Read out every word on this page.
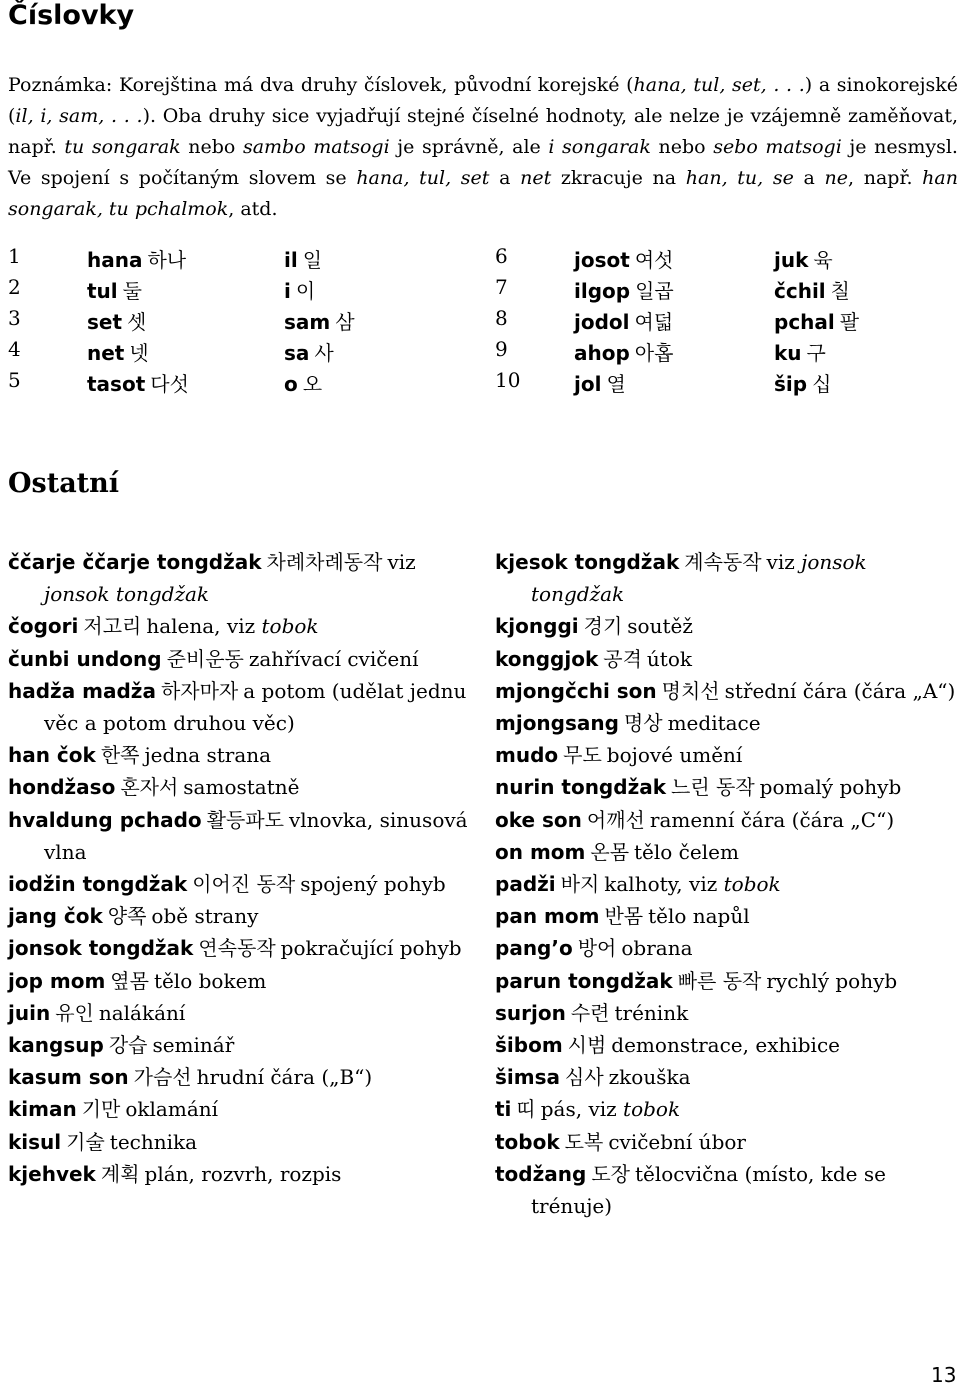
Číslovky
Poznámka: Korejština má dva druhy číslovek, původní korejské (hana, tul, set, . . .) a sinokorejské (il, i, sam, . . .). Oba druhy sice vyjadřují stejné číselné hodnoty, ale nelze je vzájemně zaměňovat, např. tu songarak nebo sambo matsogi je správně, ale i songarak nebo sebo matsogi je nesmysl. Ve spojení s počítaným slovem se hana, tul, set a net zkracuje na han, tu, se a ne, např. han songarak, tu pchalmok, atd.
1	hana 하나	il 일	6	josot 여섯	juk 육
2	tul 둘	i 이	7	ilgop 일곱	čchil 칠
3	set 셋	sam 삼	8	jodol 여덟	pchal 팔
4	net 넷	sa 사	9	ahop 아홉	ku 구
5	tasot 다섯	o 오	10	jol 열	šip 십
Ostatní
ččarje ččarje tongdžak 차례차례동작 viz jonsok tongdžak
čogori 저고리 halena, viz tobok
čunbi undong 준비운동 zahřívací cvičení
hadža madža 하자마자 a potom (udělat jednu věc a potom druhou věc)
han čok 한쪽 jedna strana
hondžaso 혼자서 samostatně
hvaldung pchado 활등파도 vlnovka, sinusová vlna
iodžin tongdžak 이어진 동작 spojený pohyb
jang čok 양쪽 obě strany
jonsok tongdžak 연속동작 pokračující pohyb
jop mom 옆몸 tělo bokem
juin 유인 nalákání
kangsup 강습 seminář
kasum son 가슴선 hrudní čára („B“)
kiman 기만 oklamání
kisul 기술 technika
kjehvek 계획 plán, rozvrh, rozpis
kjesok tongdžak 계속동작 viz jonsok tongdžak
kjonggi 경기 soutěž
konggjok 공격 útok
mjongčchi son 명치선 střední čára (čára „A“)
mjongsang 명상 meditace
mudo 무도 bojové umění
nurin tongdžak 느린 동작 pomalý pohyb
oke son 어깨선 ramenní čára (čára „C“)
on mom 온몸 tělo čelem
padži 바지 kalhoty, viz tobok
pan mom 반몸 tělo napůl
pang’o 방어 obrana
parun tongdžak 빠른 동작 rychlý pohyb
surjon 수련 trénink
šibom 시범 demonstrace, exhibice
šimsa 심사 zkouška
ti 띠 pás, viz tobok
tobok 도복 cvičební úbor
todžang 도장 tělocvična (místo, kde se trénuje)
13
